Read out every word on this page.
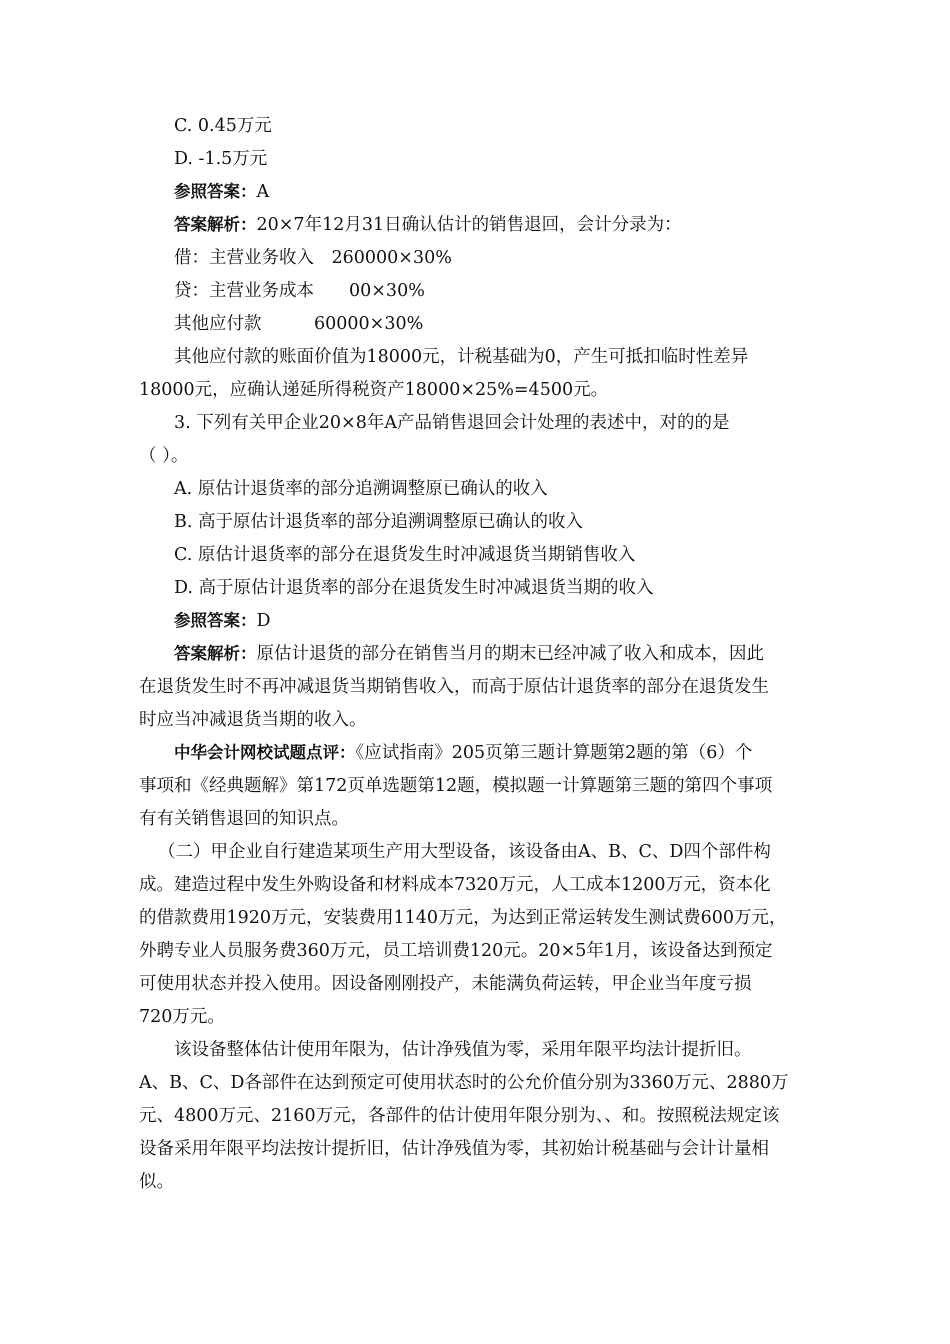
C. 0.45万元
D. -1.5万元
参照答案：A
答案解析：20×7年12月31日确认估计的销售退回，会计分录为：
借：主营业务收入　260000×30%
贷：主营业务成本　　00×30%
其他应付款　　　60000×30%
其他应付款的账面价值为18000元，计税基础为0，产生可抵扣临时性差异
18000元，应确认递延所得税资产18000×25%=4500元。
3. 下列有关甲企业20×8年A产品销售退回会计处理的表述中，对的的是
（ ）。
A. 原估计退货率的部分追溯调整原已确认的收入
B. 高于原估计退货率的部分追溯调整原已确认的收入
C. 原估计退货率的部分在退货发生时冲减退货当期销售收入
D. 高于原估计退货率的部分在退货发生时冲减退货当期的收入
参照答案：D
答案解析：原估计退货的部分在销售当月的期末已经冲减了收入和成本，因此
在退货发生时不再冲减退货当期销售收入，而高于原估计退货率的部分在退货发生
时应当冲减退货当期的收入。
中华会计网校试题点评：《应试指南》205页第三题计算题第2题的第（6）个
事项和《经典题解》第172页单选题第12题，模拟题一计算题第三题的第四个事项
有有关销售退回的知识点。
（二）甲企业自行建造某项生产用大型设备，该设备由A、B、C、D四个部件构
成。建造过程中发生外购设备和材料成本7320万元，人工成本1200万元，资本化
的借款费用1920万元，安装费用1140万元，为达到正常运转发生测试费600万元，
外聘专业人员服务费360万元，员工培训费120元。20×5年1月，该设备达到预定
可使用状态并投入使用。因设备刚刚投产，未能满负荷运转，甲企业当年度亏损
720万元。
该设备整体估计使用年限为，估计净残值为零，采用年限平均法计提折旧。
A、B、C、D各部件在达到预定可使用状态时的公允价值分别为3360万元、2880万
元、4800万元、2160万元，各部件的估计使用年限分别为、、和。按照税法规定该
设备采用年限平均法按计提折旧，估计净残值为零，其初始计税基础与会计计量相
似。
